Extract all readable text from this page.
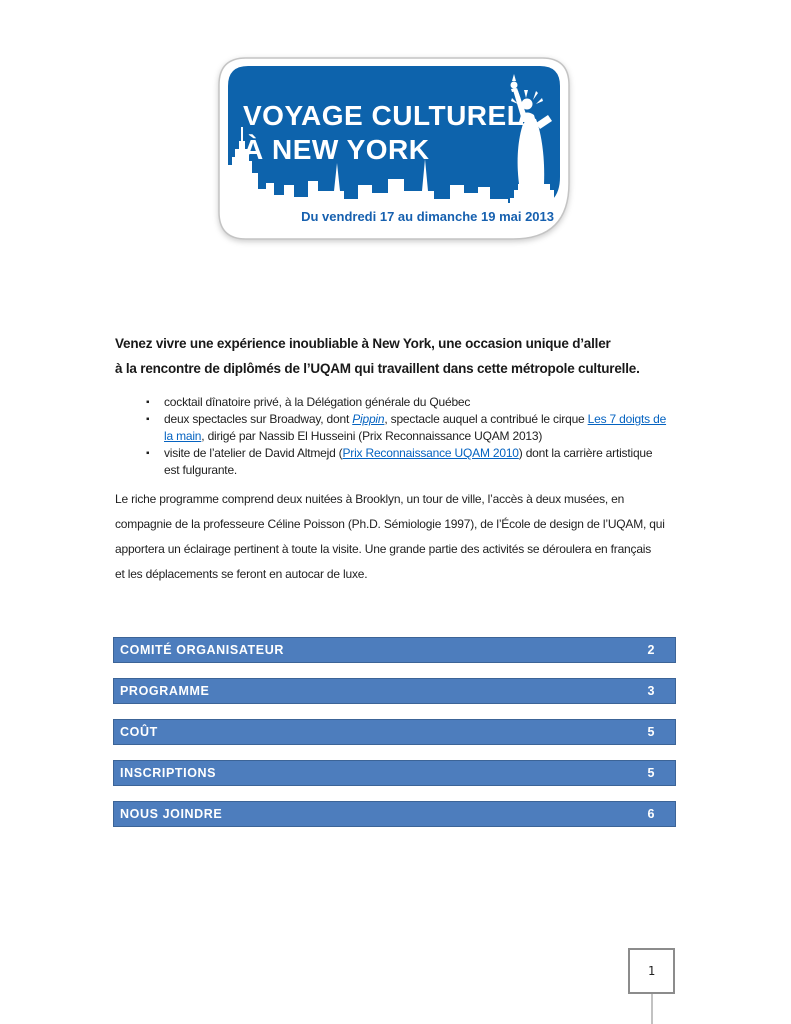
VOYAGE CULTUREL
À NEW YORK
Du vendredi 17 au dimanche 19 mai 2013
Venez vivre une expérience inoubliable à New York, une occasion unique d’aller
à la rencontre de diplômés de l’UQAM qui travaillent dans cette métropole culturelle.
▪ cocktail dînatoire privé, à la Délégation générale du Québec
▪ deux spectacles sur Broadway, dont Pippin, spectacle auquel a contribué le cirque Les 7 doigts de la main, dirigé par Nassib El Husseini (Prix Reconnaissance UQAM 2013)
▪ visite de l’atelier de David Altmejd (Prix Reconnaissance UQAM 2010) dont la carrière artistique est fulgurante.
Le riche programme comprend deux nuitées à Brooklyn, un tour de ville, l’accès à deux musées, en
compagnie de la professeure Céline Poisson (Ph.D. Sémiologie 1997), de l’École de design de l’UQAM, qui
apportera un éclairage pertinent à toute la visite. Une grande partie des activités se déroulera en français
et les déplacements se feront en autocar de luxe.
COMITÉ ORGANISATEUR	2
PROGRAMME	3
COÛT	5
INSCRIPTIONS	5
NOUS JOINDRE	6
1
